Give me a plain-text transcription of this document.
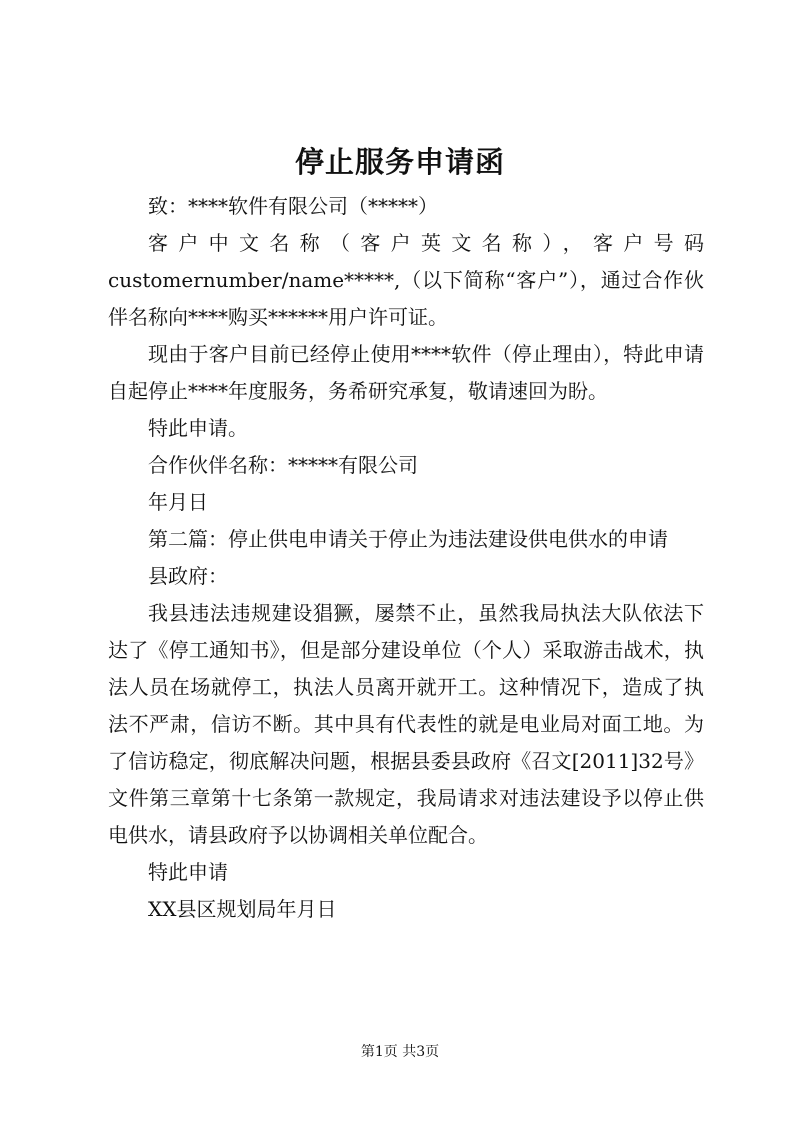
停止服务申请函

致：****软件有限公司（*****）

客户中文名称（客户英文名称），客户号码customernumber/name*****,（以下简称“客户”），通过合作伙伴名称向****购买******用户许可证。

现由于客户目前已经停止使用****软件（停止理由），特此申请自起停止****年度服务，务希研究承复，敬请速回为盼。

特此申请。

合作伙伴名称：*****有限公司

年月日

第二篇：停止供电申请关于停止为违法建设供电供水的申请

县政府：

我县违法违规建设猖獗，屡禁不止，虽然我局执法大队依法下达了《停工通知书》，但是部分建设单位（个人）采取游击战术，执法人员在场就停工，执法人员离开就开工。这种情况下，造成了执法不严肃，信访不断。其中具有代表性的就是电业局对面工地。为了信访稳定，彻底解决问题，根据县委县政府《召文[2011]32号》文件第三章第十七条第一款规定，我局请求对违法建设予以停止供电供水，请县政府予以协调相关单位配合。

特此申请

XX县区规划局年月日

第1页 共3页
